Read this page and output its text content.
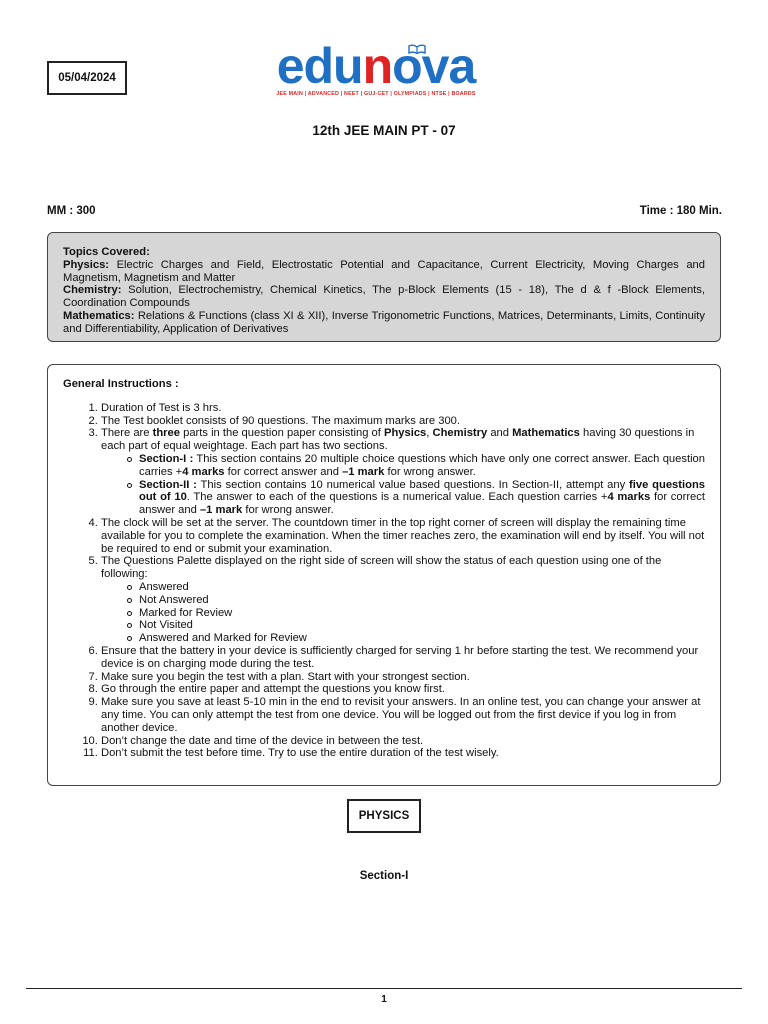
05/04/2024	edunova
JEE MAIN | ADVANCED | NEET | GUJ-CET | OLYMPIADS | NTSE | BOARDS
12th JEE MAIN PT - 07
MM : 300	Time : 180 Min.

Topics Covered:

Physics: Electric Charges and Field, Electrostatic Potential and Capacitance, Current Electricity, Moving Charges and Magnetism, Magnetism and Matter

Chemistry: Solution, Electrochemistry, Chemical Kinetics, The p-Block Elements (15 - 18), The d & f -Block Elements, Coordination Compounds

Mathematics: Relations & Functions (class XI & XII), Inverse Trigonometric Functions, Matrices, Determinants, Limits, Continuity and Differentiability, Application of Derivatives

General Instructions :
1. Duration of Test is 3 hrs.
2. The Test booklet consists of 90 questions. The maximum marks are 300.
3. There are three parts in the question paper consisting of Physics, Chemistry and Mathematics having 30 questions in each part of equal weightage. Each part has two sections.
Section-I : This section contains 20 multiple choice questions which have only one correct answer. Each question carries +4 marks for correct answer and –1 mark for wrong answer.
Section-II : This section contains 10 numerical value based questions. In Section-II, attempt any five questions out of 10. The answer to each of the questions is a numerical value. Each question carries +4 marks for correct answer and –1 mark for wrong answer.
4. The clock will be set at the server. The countdown timer in the top right corner of screen will display the remaining time available for you to complete the examination. When the timer reaches zero, the examination will end by itself. You will not be required to end or submit your examination.
5. The Questions Palette displayed on the right side of screen will show the status of each question using one of the following:
Answered
Not Answered
Marked for Review
Not Visited
Answered and Marked for Review
6. Ensure that the battery in your device is sufficiently charged for serving 1 hr before starting the test. We recommend your device is on charging mode during the test.
7. Make sure you begin the test with a plan. Start with your strongest section.
8. Go through the entire paper and attempt the questions you know first.
9. Make sure you save at least 5-10 min in the end to revisit your answers. In an online test, you can change your answer at any time. You can only attempt the test from one device. You will be logged out from the first device if you log in from another device.
10. Don’t change the date and time of the device in between the test.
11. Don’t submit the test before time. Try to use the entire duration of the test wisely.
PHYSICS
Section-I
1
